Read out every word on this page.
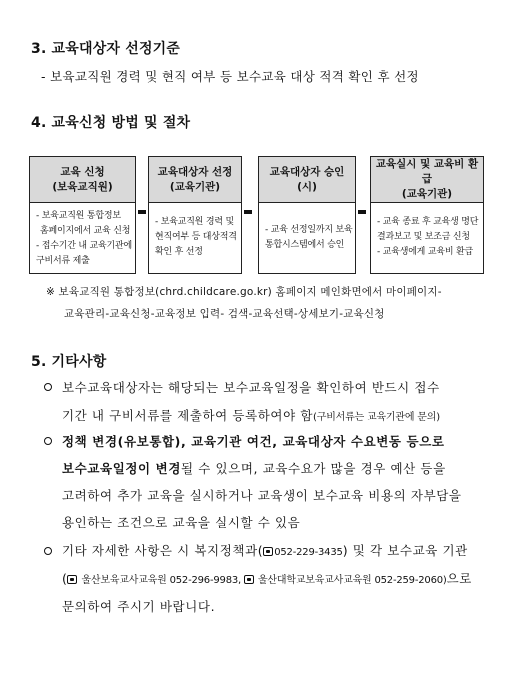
3. 교육대상자 선정기준
- 보육교직원 경력 및 현직 여부 등 보수교육 대상 적격 확인 후 선정
4. 교육신청 방법 및 절차
교육 신청
(보육교직원)
- 보육교직원 통합정보
홈페이지에서 교육 신청
- 접수기간 내 교육기관에
구비서류 제출
교육대상자 선정
(교육기관)
- 보육교직원 경력 및
현직여부 등 대상적격
확인 후 선정
교육대상자 승인
(시)
- 교육 선정일까지 보육
통합시스템에서 승인
교육실시 및 교육비 환급
(교육기관)
- 교육 종료 후 교육생 명단
결과보고 및 보조금 신청
- 교육생에게 교육비 환급
※ 보육교직원 통합정보(chrd.childcare.go.kr) 홈페이지 메인화면에서 마이페이지-
교육관리-교육신청-교육정보 입력- 검색-교육선택-상세보기-교육신청
5. 기타사항
보수교육대상자는 해당되는 보수교육일정을 확인하여 반드시 접수
기간 내 구비서류를 제출하여 등록하여야 함(구비서류는 교육기관에 문의)
정책 변경(유보통합), 교육기관 여건, 교육대상자 수요변동 등으로
보수교육일정이 변경될 수 있으며, 교육수요가 많을 경우 예산 등을
고려하여 추가 교육을 실시하거나 교육생이 보수교육 비용의 자부담을
용인하는 조건으로 교육을 실시할 수 있음
기타 자세한 사항은 시 복지정책과( 052-229-3435) 및 각 보수교육 기관
( 울산보육교사교육원 052-296-9983,  울산대학교보육교사교육원 052-259-2060)으로
문의하여 주시기 바랍니다.
